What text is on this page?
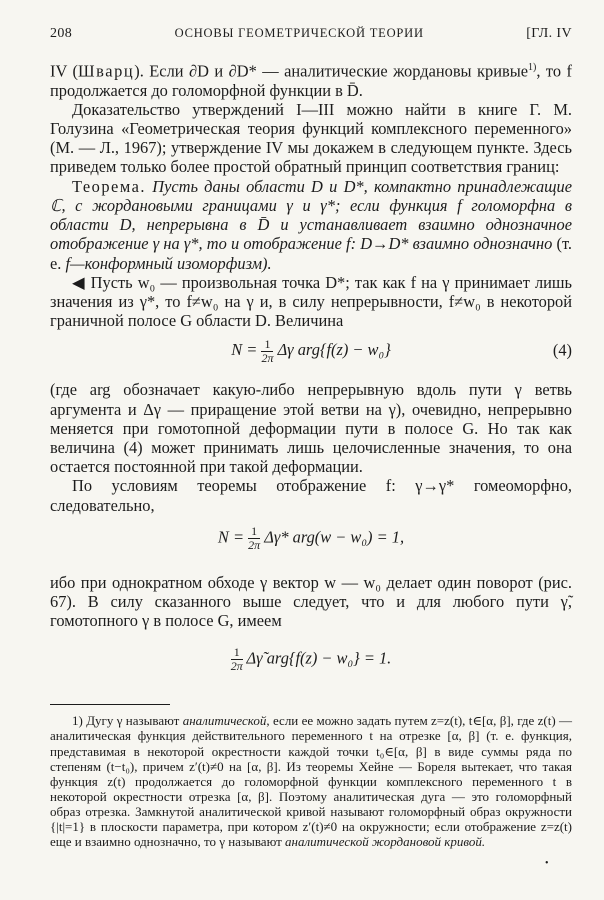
208	ОСНОВЫ ГЕОМЕТРИЧЕСКОЙ ТЕОРИИ	[ГЛ. IV

IV (Шварц). Если ∂D и ∂D* — аналитические жордановы кривые$^{1)}$, то f продолжается до голоморфной функции в D̄.

Доказательство утверждений I—III можно найти в книге Г. М. Голузина «Геометрическая теория функций комплексного переменного» (М. — Л., 1967); утверждение IV мы докажем в следующем пункте. Здесь приведем только более простой обратный принцип соответствия границ:

Теорема. Пусть даны области D и D*, компактно принадлежащие ℂ, с жордановыми границами γ и γ*; если функция f голоморфна в области D, непрерывна в D̄ и устанавливает взаимно однозначное отображение γ на γ*, то и отображение f: D→D* взаимно однозначно (т. е. f—конформный изоморфизм).

◀ Пусть w₀ — произвольная точка D*; так как f на γ принимает лишь значения из γ*, то f≠w₀ на γ и, в силу непрерывности, f≠w₀ в некоторой граничной полосе G области D. Величина

$N = \frac{1}{2\pi}$ Δγ arg{f(z) − w₀}	(4)

(где arg обозначает какую-либо непрерывную вдоль пути γ ветвь аргумента и Δγ — приращение этой ветви на γ), очевидно, непрерывно меняется при гомотопной деформации пути в полосе G. Но так как величина (4) может принимать лишь целочисленные значения, то она остается постоянной при такой деформации.

По условиям теоремы отображение f: γ→γ* гомеоморфно, следовательно,

$N = \frac{1}{2\pi} \Delta\gamma*$ arg(w − w₀) = 1,

ибо при однократном обходе γ вектор w — w₀ делает один поворот (рис. 67). В силу сказанного выше следует, что и для любого пути γ̃, гомотопного γ в полосе G, имеем

$\frac{1}{2\pi}$ Δγ̃ arg{f(z) − w₀} = 1.
1) Дугу γ называют аналитической, если ее можно задать путем z=z(t), t∈[α, β], где z(t) — аналитическая функция действительного переменного t на отрезке [α, β] (т. е. функция, представимая в некоторой окрестности каждой точки t₀∈[α, β] в виде суммы ряда по степеням (t−t₀), причем z′(t)≠0 на [α, β]. Из теоремы Хейне — Бореля вытекает, что такая функция z(t) продолжается до голоморфной функции комплексного переменного t в некоторой окрестности отрезка [α, β]. Поэтому аналитическая дуга — это голоморфный образ отрезка. Замкнутой аналитической кривой называют голоморфный образ окружности {|t|=1} в плоскости параметра, при котором z′(t)≠0 на окружности; если отображение z=z(t) еще и взаимно однозначно, то γ называют аналитической жордановой кривой.
•
